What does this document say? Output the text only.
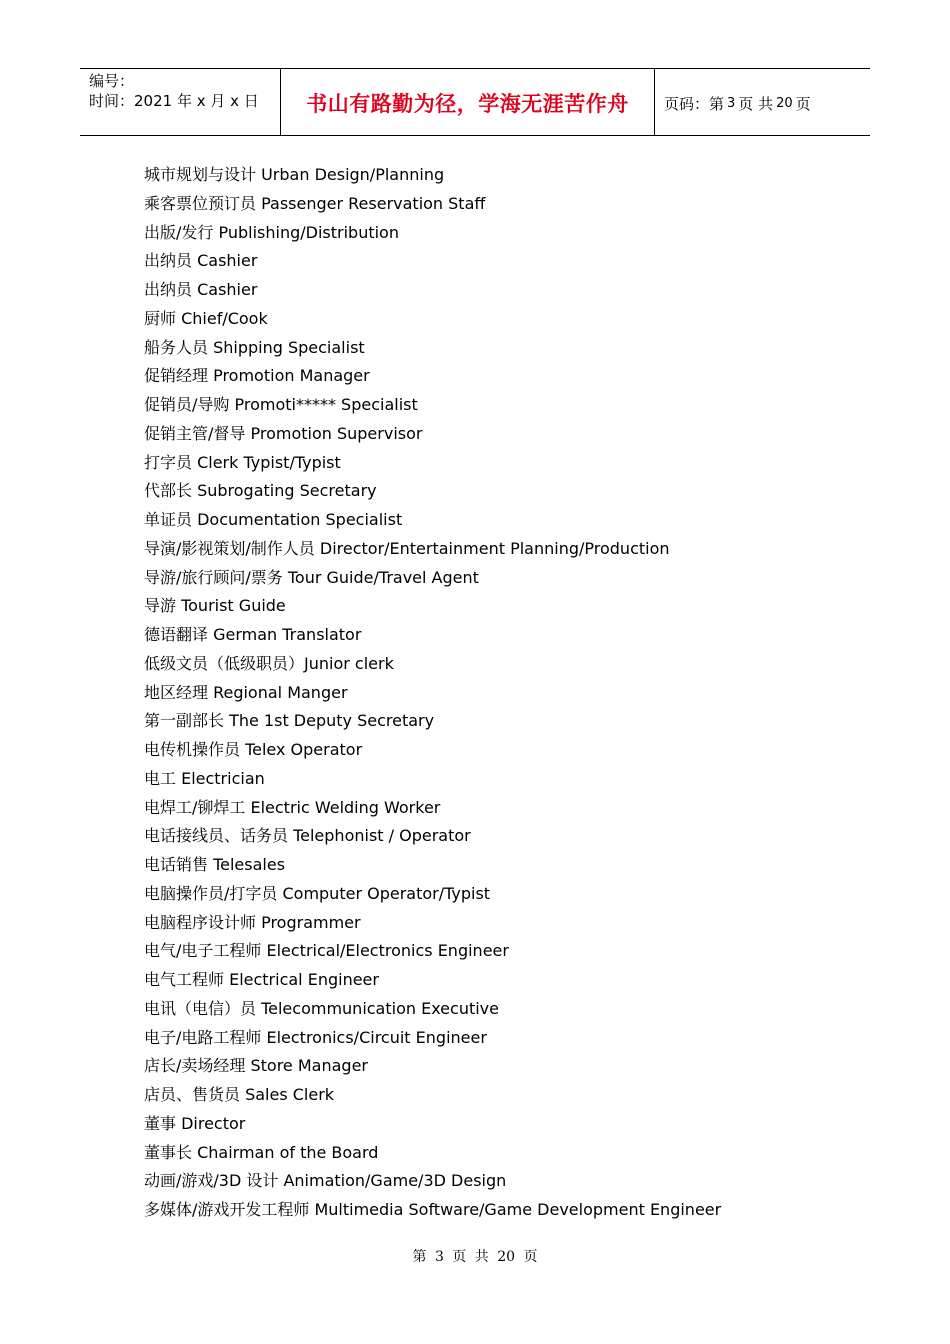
编号：
时间：2021 年 x 月 x 日	书山有路勤为径，学海无涯苦作舟	页码：第 3 页 共 20 页
城市规划与设计 Urban Design/Planning
乘客票位预订员 Passenger Reservation Staff
出版/发行 Publishing/Distribution
出纳员 Cashier
出纳员 Cashier
厨师 Chief/Cook
船务人员 Shipping Specialist
促销经理 Promotion Manager
促销员/导购 Promoti***** Specialist
促销主管/督导 Promotion Supervisor
打字员 Clerk Typist/Typist
代部长 Subrogating Secretary
单证员 Documentation Specialist
导演/影视策划/制作人员 Director/Entertainment Planning/Production
导游/旅行顾问/票务 Tour Guide/Travel Agent
导游 Tourist Guide
德语翻译 German Translator
低级文员（低级职员）Junior clerk
地区经理 Regional Manger
第一副部长 The 1st Deputy Secretary
电传机操作员 Telex Operator
电工 Electrician
电焊工/铆焊工 Electric Welding Worker
电话接线员、话务员 Telephonist / Operator
电话销售 Telesales
电脑操作员/打字员 Computer Operator/Typist
电脑程序设计师 Programmer
电气/电子工程师 Electrical/Electronics Engineer
电气工程师 Electrical Engineer
电讯（电信）员 Telecommunication Executive
电子/电路工程师 Electronics/Circuit Engineer
店长/卖场经理 Store Manager
店员、售货员 Sales Clerk
董事 Director
董事长 Chairman of the Board
动画/游戏/3D 设计 Animation/Game/3D Design
多媒体/游戏开发工程师 Multimedia Software/Game Development Engineer
第 3 页 共 20 页
